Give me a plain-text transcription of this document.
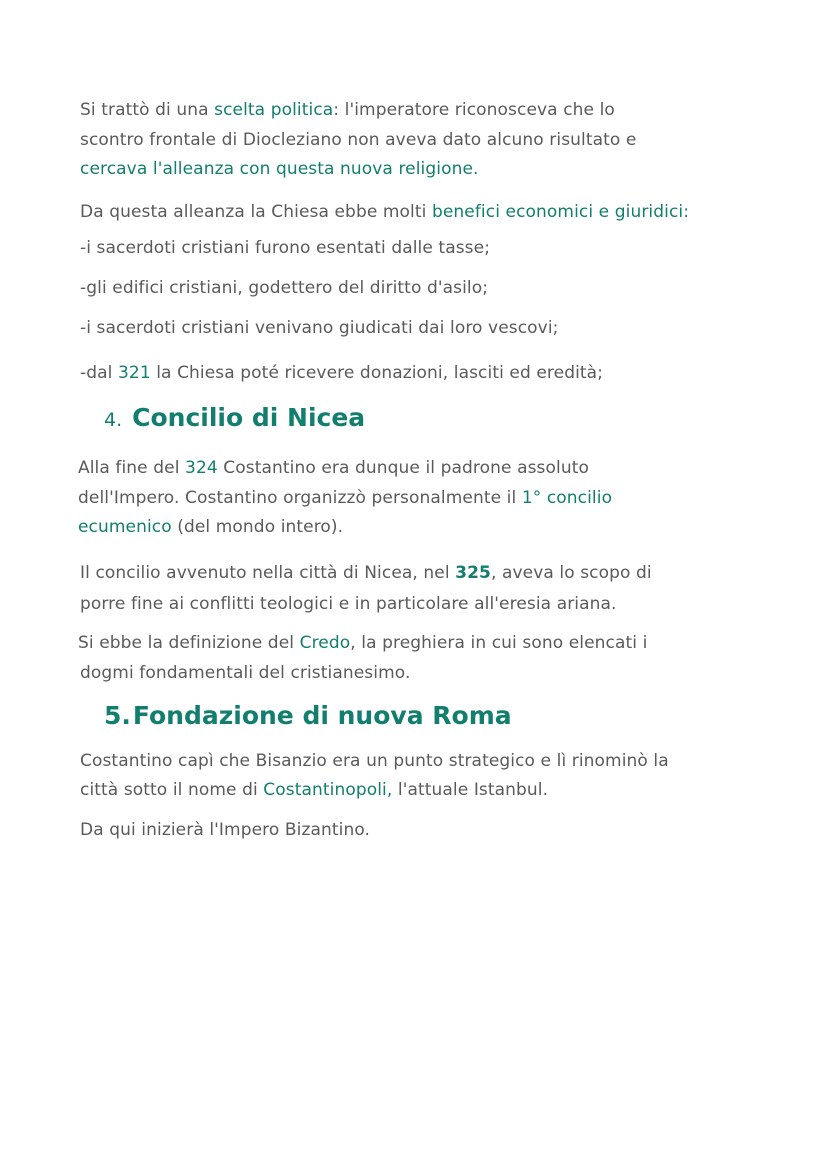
Si trattò di una scelta politica: l'imperatore riconosceva che lo
scontro frontale di Diocleziano non aveva dato alcuno risultato e
cercava l'alleanza con questa nuova religione.
Da questa alleanza la Chiesa ebbe molti benefici economici e giuridici:
-i sacerdoti cristiani furono esentati dalle tasse;
-gli edifici cristiani, godettero del diritto d'asilo;
-i sacerdoti cristiani venivano giudicati dai loro vescovi;
-dal 321 la Chiesa poté ricevere donazioni, lasciti ed eredità;
4. Concilio di Nicea
Alla fine del 324 Costantino era dunque il padrone assoluto
dell'Impero. Costantino organizzò personalmente il 1° concilio
ecumenico (del mondo intero).
Il concilio avvenuto nella città di Nicea, nel 325, aveva lo scopo di
porre fine ai conflitti teologici e in particolare all'eresia ariana.
Si ebbe la definizione del Credo, la preghiera in cui sono elencati i
dogmi fondamentali del cristianesimo.
5.Fondazione di nuova Roma
Costantino capì che Bisanzio era un punto strategico e lì rinominò la
città sotto il nome di Costantinopoli, l'attuale Istanbul.
Da qui inizierà l'Impero Bizantino.
